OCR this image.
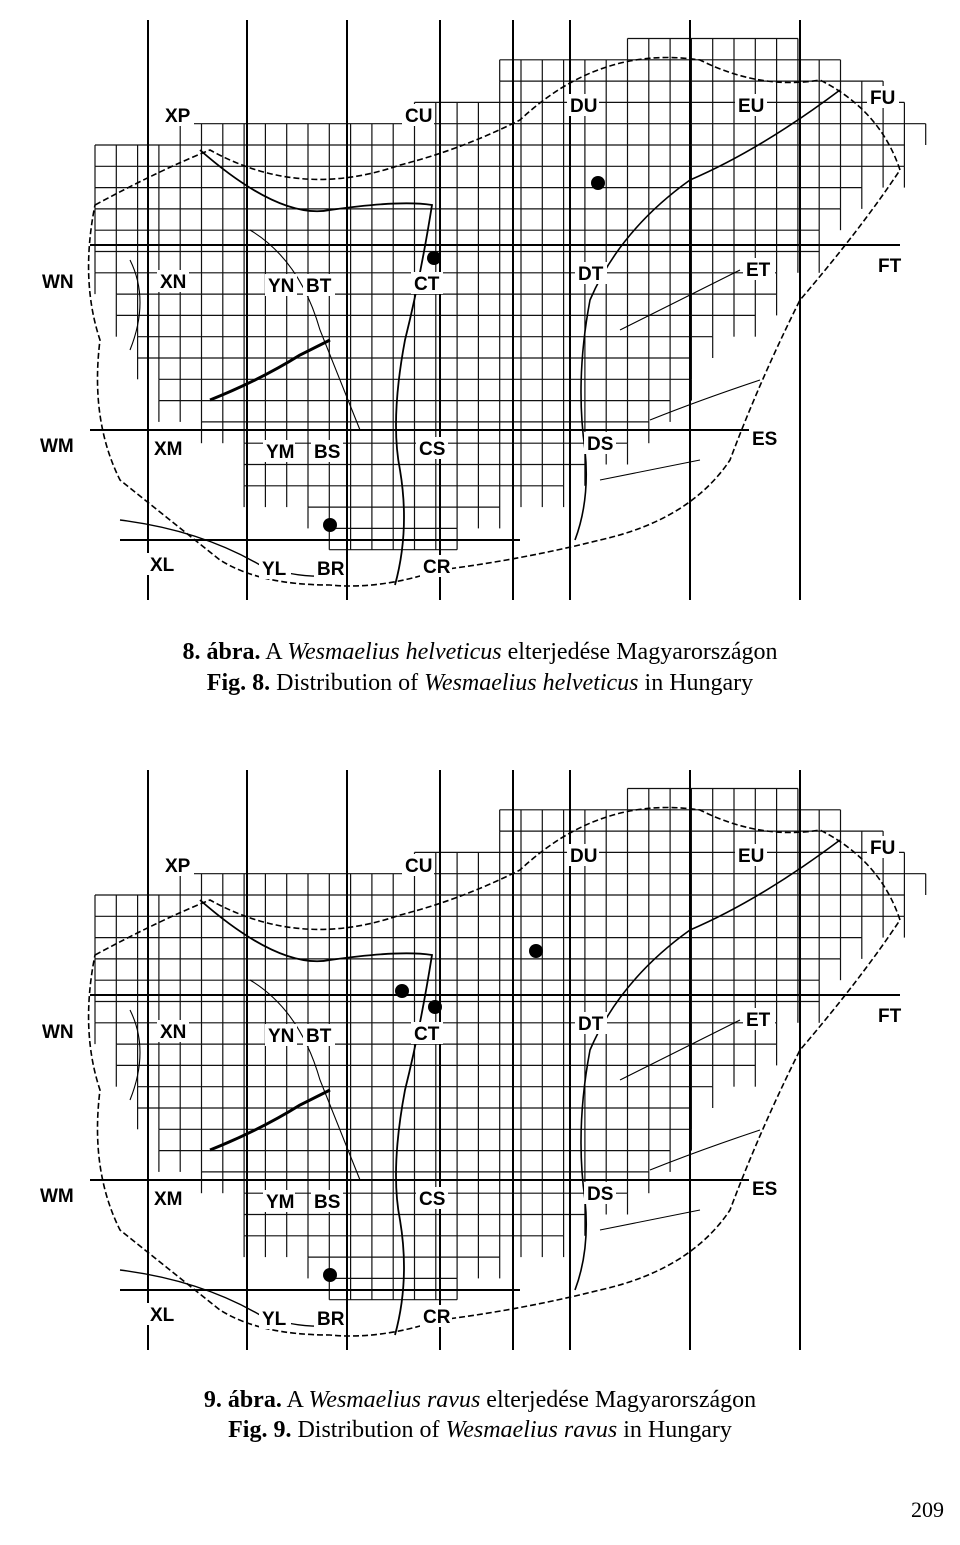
XP	CU	DU	EU	FU
WN	XN	YN BT	CT	DT	ET	FT
WM	XM	YM BS	CS	DS	ES
XL	YL BR	CR
8. ábra. A Wesmaelius helveticus elterjedése Magyarországon
Fig. 8. Distribution of Wesmaelius helveticus in Hungary
XP	CU	DU	EU	FU
WN	XN	YN BT	CT	DT	ET	FT
WM	XM	YM BS	CS	DS	ES
XL	YL BR	CR
9. ábra. A Wesmaelius ravus elterjedése Magyarországon
Fig. 9. Distribution of Wesmaelius ravus in Hungary
209
